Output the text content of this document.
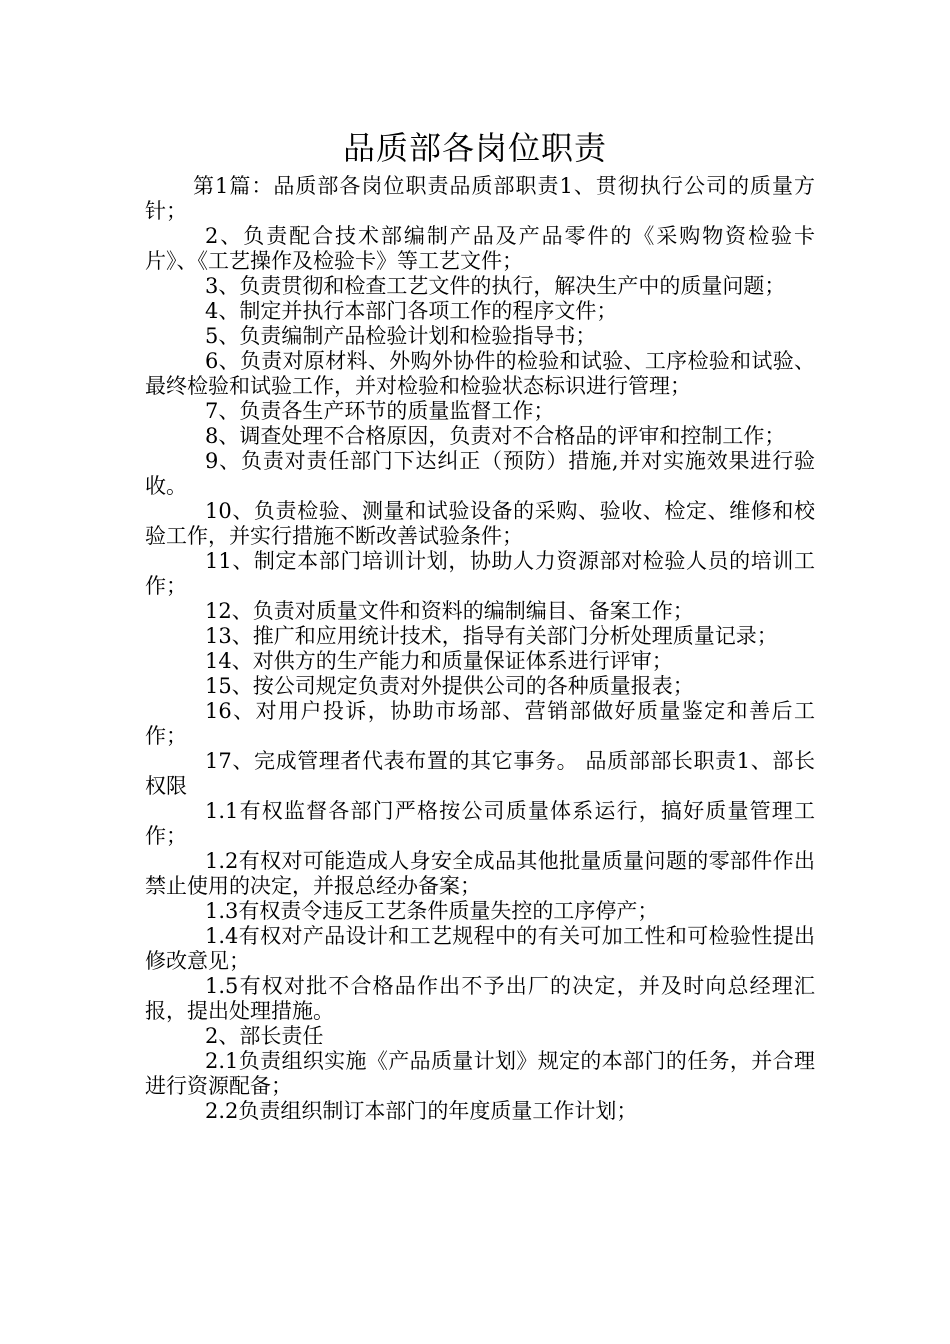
品质部各岗位职责

第1篇：品质部各岗位职责品质部职责1、贯彻执行公司的质量方针；

2、负责配合技术部编制产品及产品零件的《采购物资检验卡片》、《工艺操作及检验卡》等工艺文件；

3、负责贯彻和检查工艺文件的执行，解决生产中的质量问题；

4、制定并执行本部门各项工作的程序文件；

5、负责编制产品检验计划和检验指导书；

6、负责对原材料、外购外协件的检验和试验、工序检验和试验、最终检验和试验工作，并对检验和检验状态标识进行管理；

7、负责各生产环节的质量监督工作；

8、调查处理不合格原因，负责对不合格品的评审和控制工作；

9、负责对责任部门下达纠正（预防）措施,并对实施效果进行验收。

10、负责检验、测量和试验设备的采购、验收、检定、维修和校验工作，并实行措施不断改善试验条件；

11、制定本部门培训计划，协助人力资源部对检验人员的培训工作；

12、负责对质量文件和资料的编制编目、备案工作；

13、推广和应用统计技术，指导有关部门分析处理质量记录；

14、对供方的生产能力和质量保证体系进行评审；

15、按公司规定负责对外提供公司的各种质量报表；

16、对用户投诉，协助市场部、营销部做好质量鉴定和善后工作；

17、完成管理者代表布置的其它事务。 品质部部长职责1、部长权限

1.1有权监督各部门严格按公司质量体系运行，搞好质量管理工作；

1.2有权对可能造成人身安全成品其他批量质量问题的零部件作出禁止使用的决定，并报总经办备案；

1.3有权责令违反工艺条件质量失控的工序停产；

1.4有权对产品设计和工艺规程中的有关可加工性和可检验性提出修改意见；

1.5有权对批不合格品作出不予出厂的决定，并及时向总经理汇报，提出处理措施。

2、部长责任

2.1负责组织实施《产品质量计划》规定的本部门的任务，并合理进行资源配备；

2.2负责组织制订本部门的年度质量工作计划；
